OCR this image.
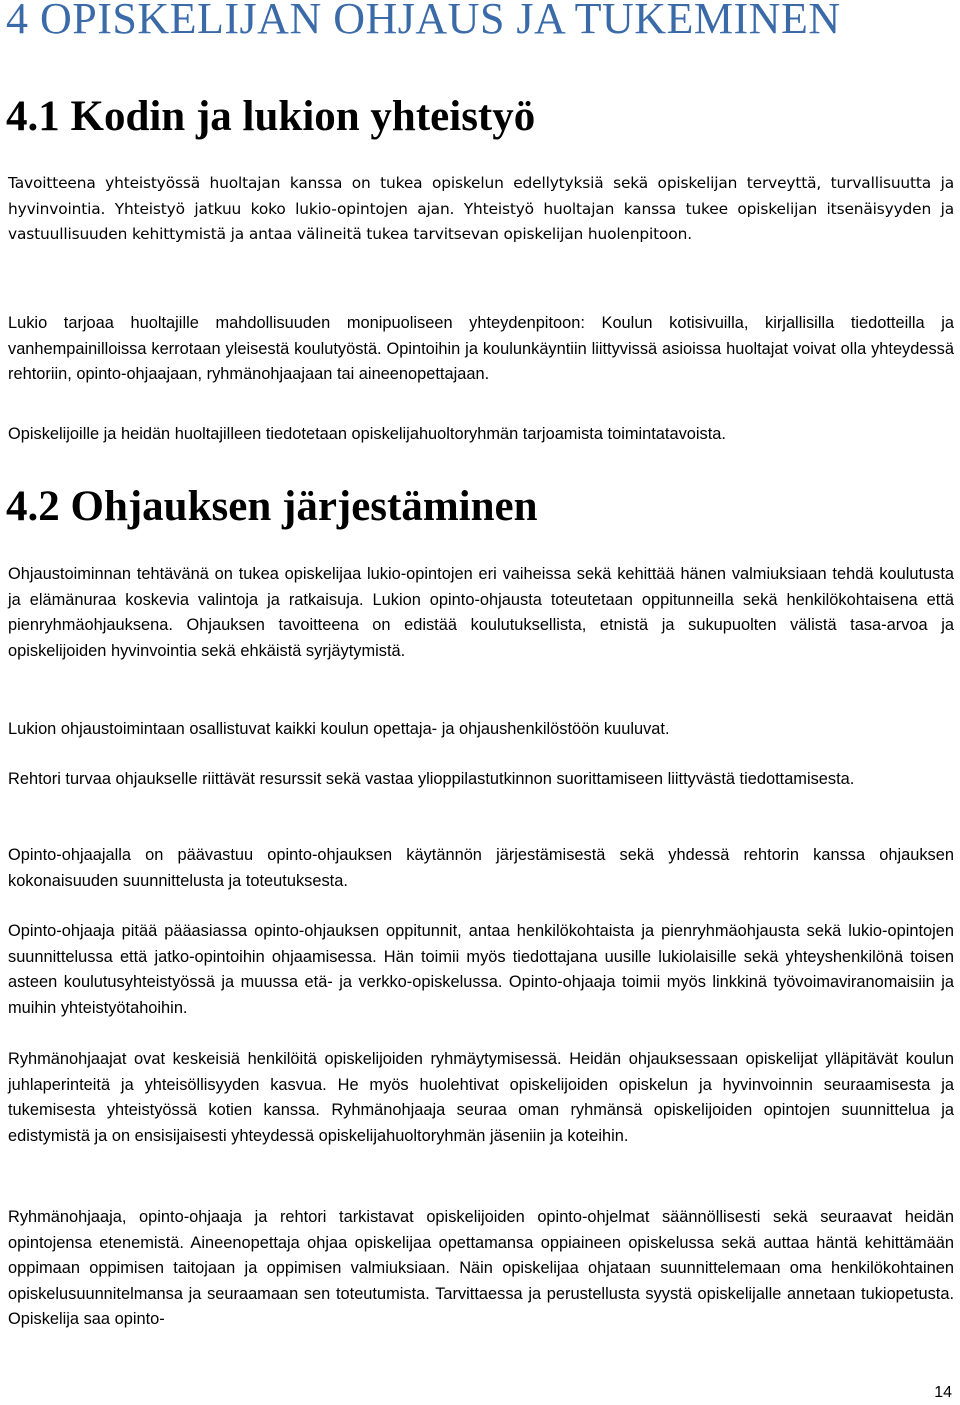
4 OPISKELIJAN OHJAUS JA TUKEMINEN
4.1 Kodin ja lukion yhteistyö

Tavoitteena yhteistyössä huoltajan kanssa on tukea opiskelun edellytyksiä sekä opiskelijan terveyttä, turvallisuutta ja hyvinvointia. Yhteistyö jatkuu koko lukio-opintojen ajan. Yhteistyö huoltajan kanssa tukee opiskelijan itsenäisyyden ja vastuullisuuden kehittymistä ja antaa välineitä tukea tarvitsevan opiskelijan huolenpitoon.

Lukio tarjoaa huoltajille mahdollisuuden monipuoliseen yhteydenpitoon: Koulun kotisivuilla, kirjallisilla tiedotteilla ja vanhempainilloissa kerrotaan yleisestä koulutyöstä. Opintoihin ja koulunkäyntiin liittyvissä asioissa huoltajat voivat olla yhteydessä rehtoriin, opinto-ohjaajaan, ryhmänohjaajaan tai aineenopettajaan.

Opiskelijoille ja heidän huoltajilleen tiedotetaan opiskelijahuoltoryhmän tarjoamista toimintatavoista.

4.2 Ohjauksen järjestäminen

Ohjaustoiminnan tehtävänä on tukea opiskelijaa lukio-opintojen eri vaiheissa sekä kehittää hänen valmiuksiaan tehdä koulutusta ja elämänuraa koskevia valintoja ja ratkaisuja. Lukion opinto-ohjausta toteutetaan oppitunneilla sekä henkilökohtaisena että pienryhmäohjauksena. Ohjauksen tavoitteena on edistää koulutuksellista, etnistä ja sukupuolten välistä tasa-arvoa ja opiskelijoiden hyvinvointia sekä ehkäistä syrjäytymistä.

Lukion ohjaustoimintaan osallistuvat kaikki koulun opettaja- ja ohjaushenkilöstöön kuuluvat.

Rehtori turvaa ohjaukselle riittävät resurssit sekä vastaa ylioppilastutkinnon suorittamiseen liittyvästä tiedottamisesta.

Opinto-ohjaajalla on päävastuu opinto-ohjauksen käytännön järjestämisestä sekä yhdessä rehtorin kanssa ohjauksen kokonaisuuden suunnittelusta ja toteutuksesta.

Opinto-ohjaaja pitää pääasiassa opinto-ohjauksen oppitunnit, antaa henkilökohtaista ja pienryhmäohjausta sekä lukio-opintojen suunnittelussa että jatko-opintoihin ohjaamisessa. Hän toimii myös tiedottajana uusille lukiolaisille sekä yhteyshenkilönä toisen asteen koulutusyhteistyössä ja muussa etä- ja verkko-opiskelussa. Opinto-ohjaaja toimii myös linkkinä työvoimaviranomaisiin ja muihin yhteistyötahoihin.

Ryhmänohjaajat ovat keskeisiä henkilöitä opiskelijoiden ryhmäytymisessä. Heidän ohjauksessaan opiskelijat ylläpitävät koulun juhlaperinteitä ja yhteisöllisyyden kasvua. He myös huolehtivat opiskelijoiden opiskelun ja hyvinvoinnin seuraamisesta ja tukemisesta yhteistyössä kotien kanssa. Ryhmänohjaaja seuraa oman ryhmänsä opiskelijoiden opintojen suunnittelua ja edistymistä ja on ensisijaisesti yhteydessä opiskelijahuoltoryhmän jäseniin ja koteihin.

Ryhmänohjaaja, opinto-ohjaaja ja rehtori tarkistavat opiskelijoiden opinto-ohjelmat säännöllisesti sekä seuraavat heidän opintojensa etenemistä. Aineenopettaja ohjaa opiskelijaa opettamansa oppiaineen opiskelussa sekä auttaa häntä kehittämään oppimaan oppimisen taitojaan ja oppimisen valmiuksiaan. Näin opiskelijaa ohjataan suunnittelemaan oma henkilökohtainen opiskelusuunnitelmansa ja seuraamaan sen toteutumista. Tarvittaessa ja perustellusta syystä opiskelijalle annetaan tukiopetusta. Opiskelija saa opinto-

14
